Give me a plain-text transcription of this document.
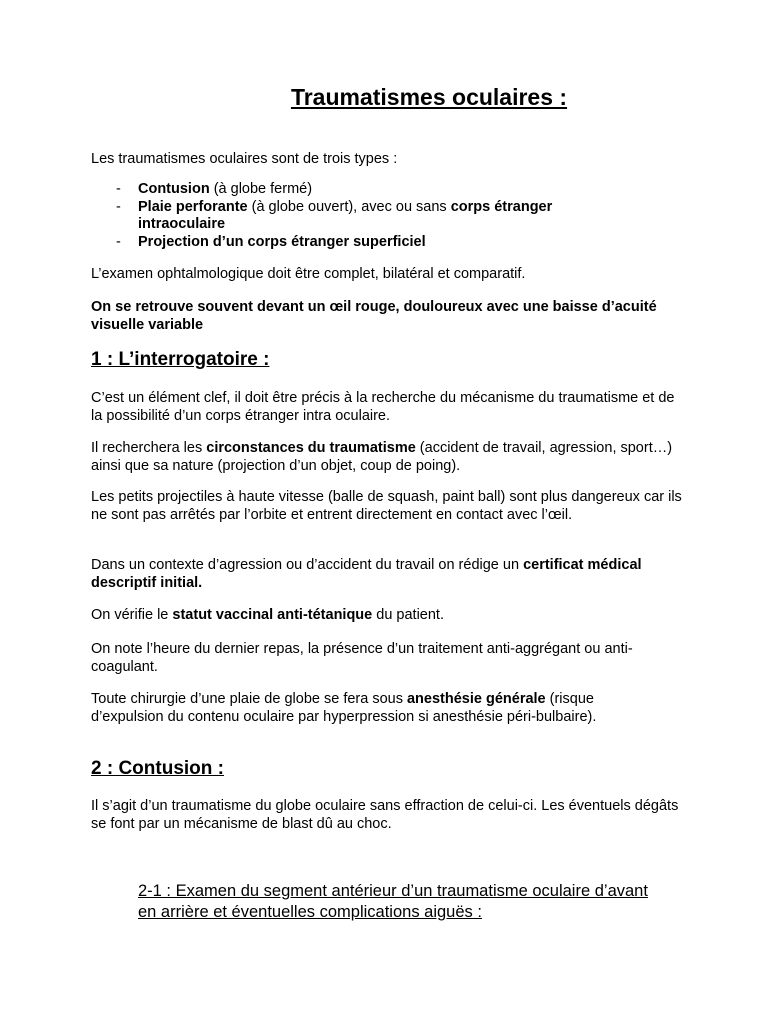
Traumatismes oculaires :

Les traumatismes oculaires sont de trois types :

- Contusion (à globe fermé)
- Plaie perforante (à globe ouvert), avec ou sans corps étranger intraoculaire
- Projection d’un corps étranger superficiel

L’examen ophtalmologique doit être complet, bilatéral et comparatif.

On se retrouve souvent devant un œil rouge, douloureux avec une baisse d’acuité visuelle variable

1 : L’interrogatoire :

C’est un élément clef, il doit être précis à la recherche du mécanisme du traumatisme et de la possibilité d’un corps étranger intra oculaire.

Il recherchera les circonstances du traumatisme (accident de travail, agression, sport…) ainsi que sa nature (projection d’un objet, coup de poing).

Les petits projectiles à haute vitesse (balle de squash, paint ball) sont plus dangereux car ils ne sont pas arrêtés par l’orbite et entrent directement en contact avec l’œil.

Dans un contexte d’agression ou d’accident du travail on rédige un certificat médical descriptif initial.

On vérifie le statut vaccinal anti-tétanique du patient.

On note l’heure du dernier repas, la présence d’un traitement anti-aggrégant ou anti-coagulant.

Toute chirurgie d’une plaie de globe se fera sous anesthésie générale (risque d’expulsion du contenu oculaire par hyperpression si anesthésie péri-bulbaire).

2 : Contusion :

Il s’agit d’un traumatisme du globe oculaire sans effraction de celui-ci. Les éventuels dégâts se font par un mécanisme de blast dû au choc.

2-1 : Examen du segment antérieur d’un traumatisme oculaire d’avant en arrière et éventuelles complications aiguës :
